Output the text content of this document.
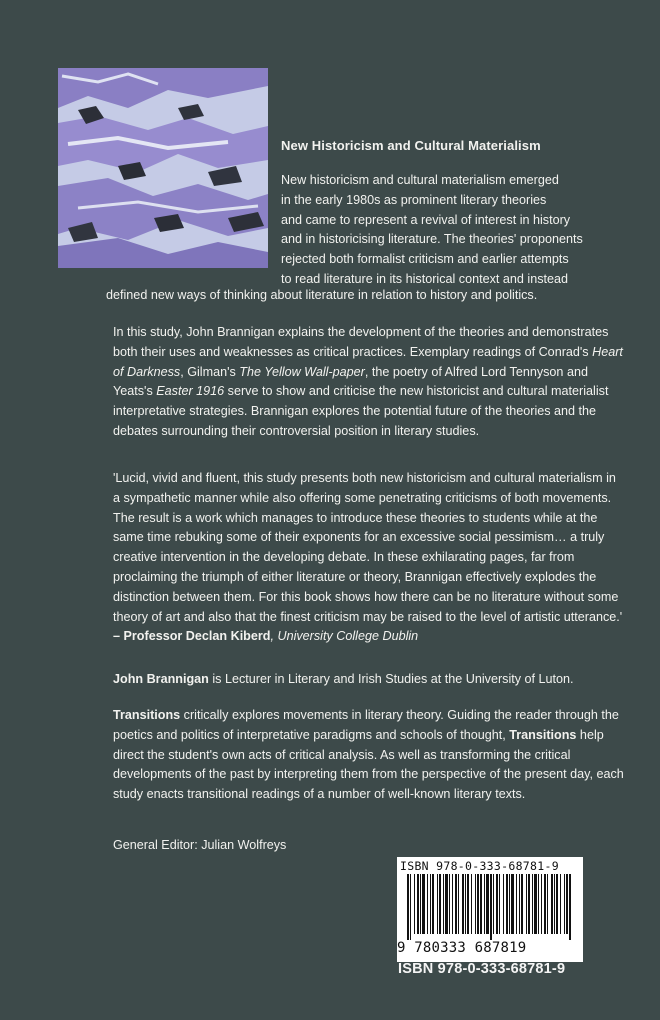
New Historicism and Cultural Materialism
New historicism and cultural materialism emerged
in the early 1980s as prominent literary theories
and came to represent a revival of interest in history
and in historicising literature. The theories' proponents
rejected both formalist criticism and earlier attempts
to read literature in its historical context and instead
defined new ways of thinking about literature in relation to history and politics.

In this study, John Brannigan explains the development of the theories and demonstrates both their uses and weaknesses as critical practices. Exemplary readings of Conrad's Heart of Darkness, Gilman's The Yellow Wall-paper, the poetry of Alfred Lord Tennyson and Yeats's Easter 1916 serve to show and criticise the new historicist and cultural materialist interpretative strategies. Brannigan explores the potential future of the theories and the debates surrounding their controversial position in literary studies.

'Lucid, vivid and fluent, this study presents both new historicism and cultural materialism in a sympathetic manner while also offering some penetrating criticisms of both movements. The result is a work which manages to introduce these theories to students while at the same time rebuking some of their exponents for an excessive social pessimism… a truly creative intervention in the developing debate. In these exhilarating pages, far from proclaiming the triumph of either literature or theory, Brannigan effectively explodes the distinction between them. For this book shows how there can be no literature without some theory of art and also that the finest criticism may be raised to the level of artistic utterance.'
– Professor Declan Kiberd, University College Dublin

John Brannigan is Lecturer in Literary and Irish Studies at the University of Luton.

Transitions critically explores movements in literary theory. Guiding the reader through the poetics and politics of interpretative paradigms and schools of thought, Transitions help direct the student's own acts of critical analysis. As well as transforming the critical developments of the past by interpreting them from the perspective of the present day, each study enacts transitional readings of a number of well-known literary texts.

General Editor: Julian Wolfreys

ISBN 978-0-333-68781-9
9 780333 687819
ISBN 978-0-333-68781-9
